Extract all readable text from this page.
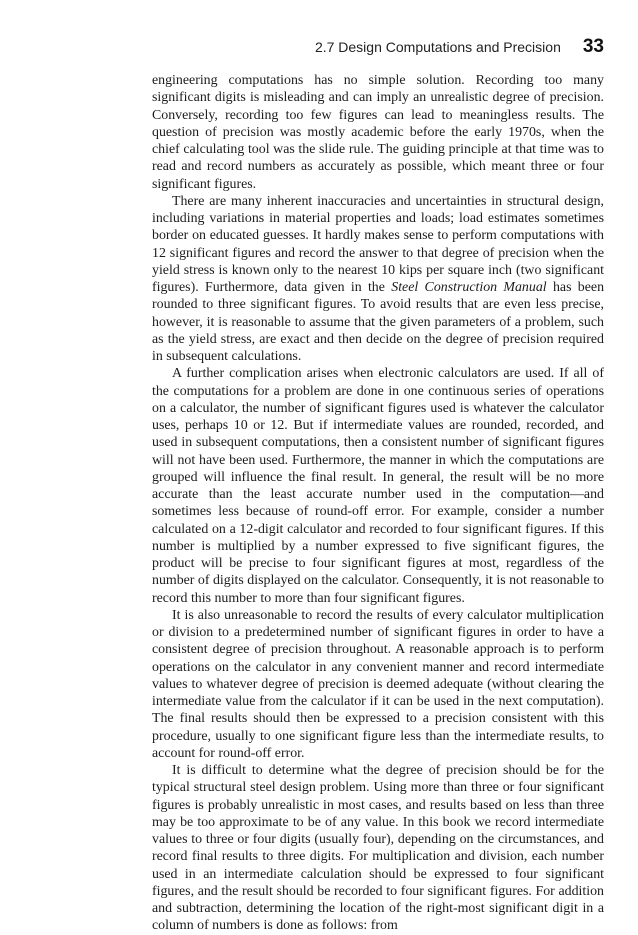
2.7 Design Computations and Precision 33

engineering computations has no simple solution. Recording too many significant digits is misleading and can imply an unrealistic degree of precision. Conversely, recording too few figures can lead to meaningless results. The question of precision was mostly academic before the early 1970s, when the chief calculating tool was the slide rule. The guiding principle at that time was to read and record numbers as accurately as possible, which meant three or four significant figures.

There are many inherent inaccuracies and uncertainties in structural design, including variations in material properties and loads; load estimates sometimes border on educated guesses. It hardly makes sense to perform computations with 12 significant figures and record the answer to that degree of precision when the yield stress is known only to the nearest 10 kips per square inch (two significant figures). Furthermore, data given in the Steel Construction Manual has been rounded to three significant figures. To avoid results that are even less precise, however, it is reasonable to assume that the given parameters of a problem, such as the yield stress, are exact and then decide on the degree of precision required in subsequent calculations.

A further complication arises when electronic calculators are used. If all of the computations for a problem are done in one continuous series of operations on a calculator, the number of significant figures used is whatever the calculator uses, perhaps 10 or 12. But if intermediate values are rounded, recorded, and used in subsequent computations, then a consistent number of significant figures will not have been used. Furthermore, the manner in which the computations are grouped will influence the final result. In general, the result will be no more accurate than the least accurate number used in the computation—and sometimes less because of round-off error. For example, consider a number calculated on a 12-digit calculator and recorded to four significant figures. If this number is multiplied by a number expressed to five significant figures, the product will be precise to four significant figures at most, regardless of the number of digits displayed on the calculator. Consequently, it is not reasonable to record this number to more than four significant figures.

It is also unreasonable to record the results of every calculator multiplication or division to a predetermined number of significant figures in order to have a consistent degree of precision throughout. A reasonable approach is to perform operations on the calculator in any convenient manner and record intermediate values to whatever degree of precision is deemed adequate (without clearing the intermediate value from the calculator if it can be used in the next computation). The final results should then be expressed to a precision consistent with this procedure, usually to one significant figure less than the intermediate results, to account for round-off error.

It is difficult to determine what the degree of precision should be for the typical structural steel design problem. Using more than three or four significant figures is probably unrealistic in most cases, and results based on less than three may be too approximate to be of any value. In this book we record intermediate values to three or four digits (usually four), depending on the circumstances, and record final results to three digits. For multiplication and division, each number used in an intermediate calculation should be expressed to four significant figures, and the result should be recorded to four significant figures. For addition and subtraction, determining the location of the right-most significant digit in a column of numbers is done as follows: from
